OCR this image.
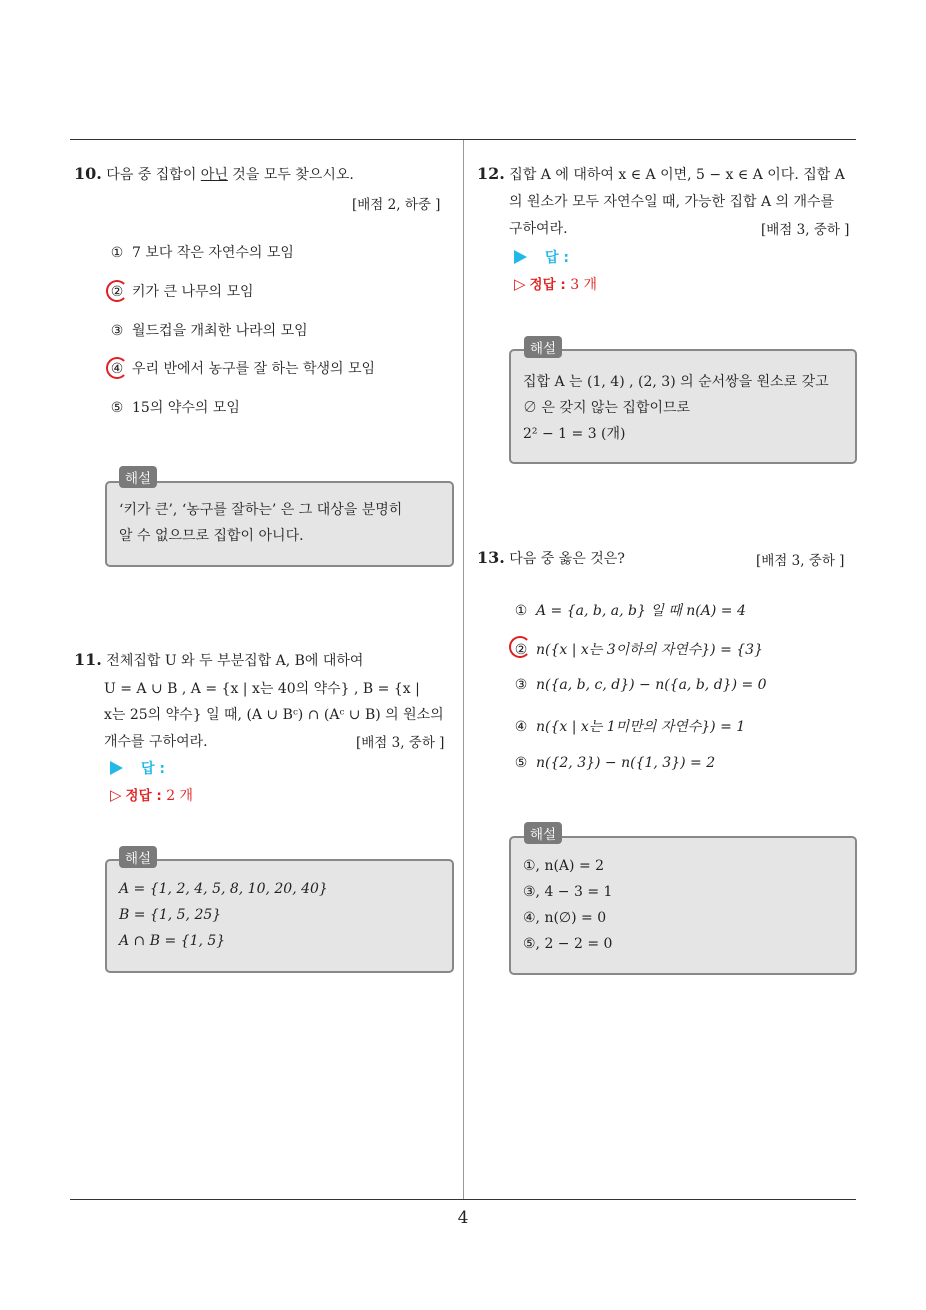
4
10. 다음 중 집합이 아닌 것을 모두 찾으시오.
[배점 2, 하중 ]
① 7 보다 작은 자연수의 모임
② 키가 큰 나무의 모임
③ 월드컵을 개최한 나라의 모임
④ 우리 반에서 농구를 잘 하는 학생의 모임
⑤ 15의 약수의 모임
‘키가 큰’, ‘농구를 잘하는’ 은 그 대상을 분명히
알 수 없으므로 집합이 아니다.
해설
11. 전체집합 U 와 두 부분집합 A, B에 대하여
U = A ∪ B , A = {x | x는 40의 약수} , B = {x |
x는 25의 약수} 일 때, (A ∪ Bᶜ) ∩ (Aᶜ ∪ B) 의 원소의
개수를 구하여라.	[배점 3, 중하 ]
답 :
▷ 정답 : 2 개
A = {1, 2, 4, 5, 8, 10, 20, 40}
B = {1, 5, 25}
A ∩ B = {1, 5}
해설
12. 집합 A 에 대하여 x ∈ A 이면, 5 − x ∈ A 이다. 집합 A
의 원소가 모두 자연수일 때, 가능한 집합 A 의 개수를
구하여라.	[배점 3, 중하 ]
답 :
▷ 정답 : 3 개
집합 A 는 (1, 4) , (2, 3) 의 순서쌍을 원소로 갖고
∅ 은 갖지 않는 집합이므로
2² − 1 = 3 (개)
해설
13. 다음 중 옳은 것은?	[배점 3, 중하 ]
① A = {a, b, a, b} 일 때 n(A) = 4
② n({x | x는 3이하의 자연수}) = {3}
③ n({a, b, c, d}) − n({a, b, d}) = 0
④ n({x | x는 1미만의 자연수}) = 1
⑤ n({2, 3}) − n({1, 3}) = 2
①, n(A) = 2
③, 4 − 3 = 1
④, n(∅) = 0
⑤, 2 − 2 = 0
해설
